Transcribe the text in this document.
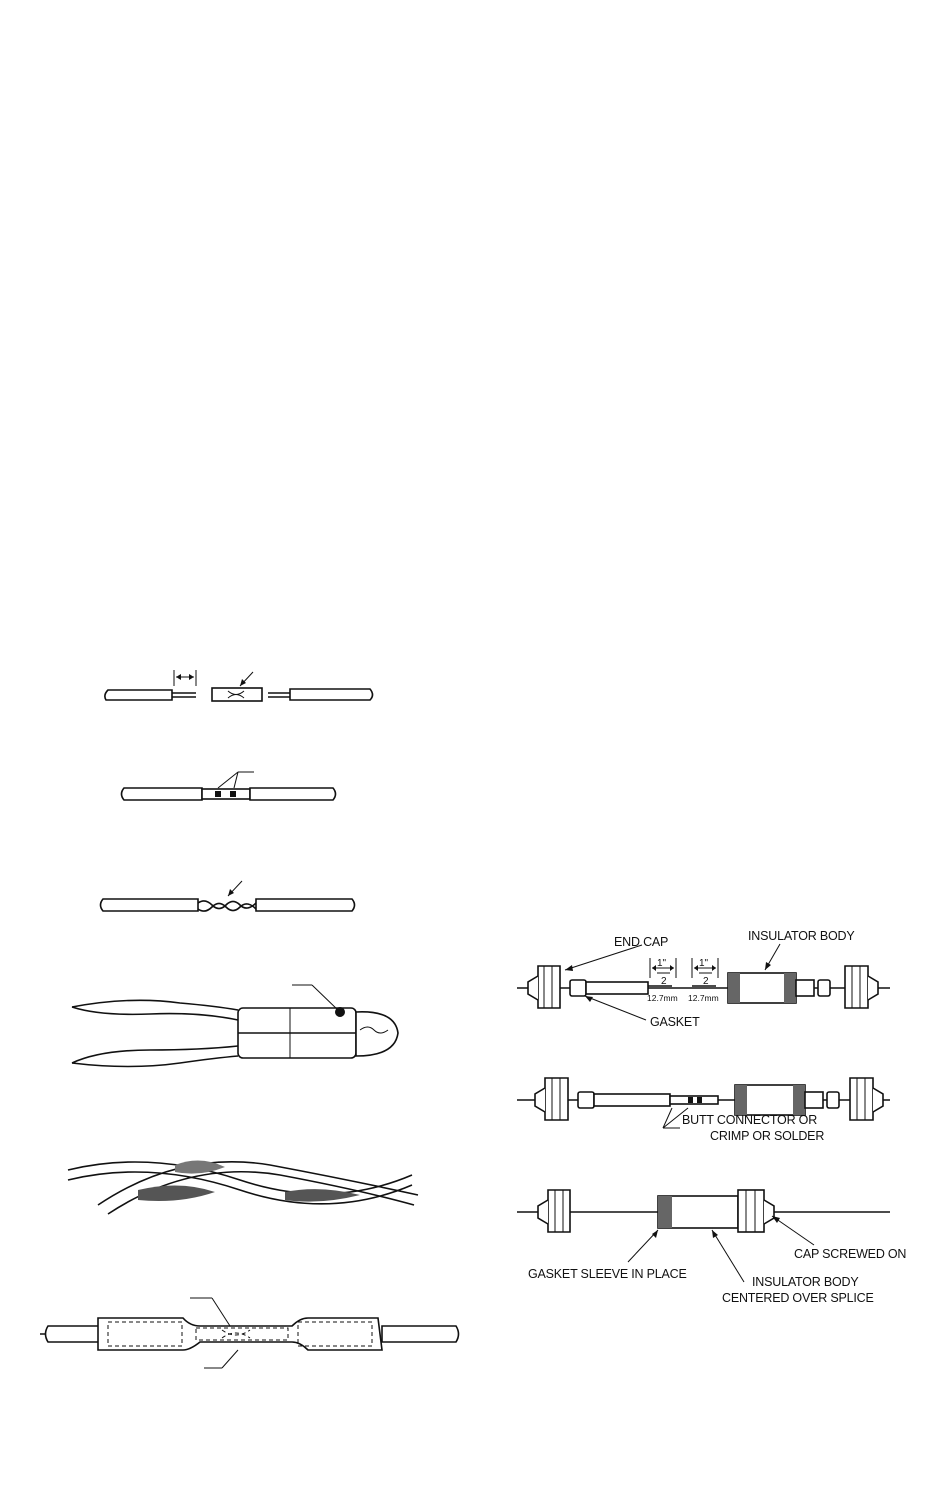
END CAP	INSULATOR BODY
GASKET
1"
2
1"
2
12.7mm 12.7mm
BUTT CONNECTOR OR
CRIMP OR SOLDER
CAP SCREWED ON
GASKET SLEEVE IN PLACE
INSULATOR BODY
CENTERED OVER SPLICE
